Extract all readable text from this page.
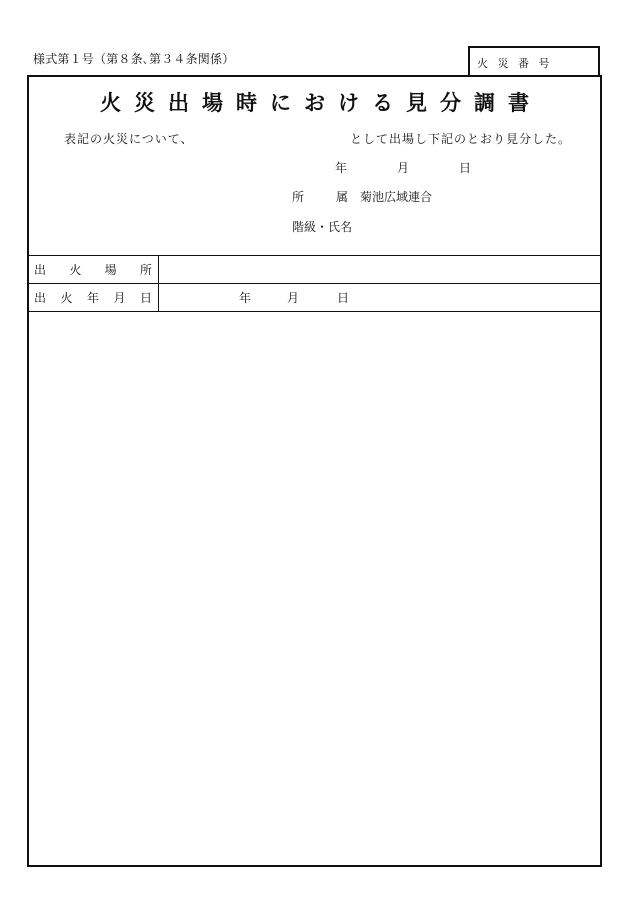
様式第１号（第８条､第３４条関係）	火 災 番 号
火災出場時における見分調書
表記の火災について、	として出場し下記のとおり見分した。
年	月	日
所	属 菊池広域連合
階級・氏名
出 火 場 所
出 火 年 月 日	年	月	日
